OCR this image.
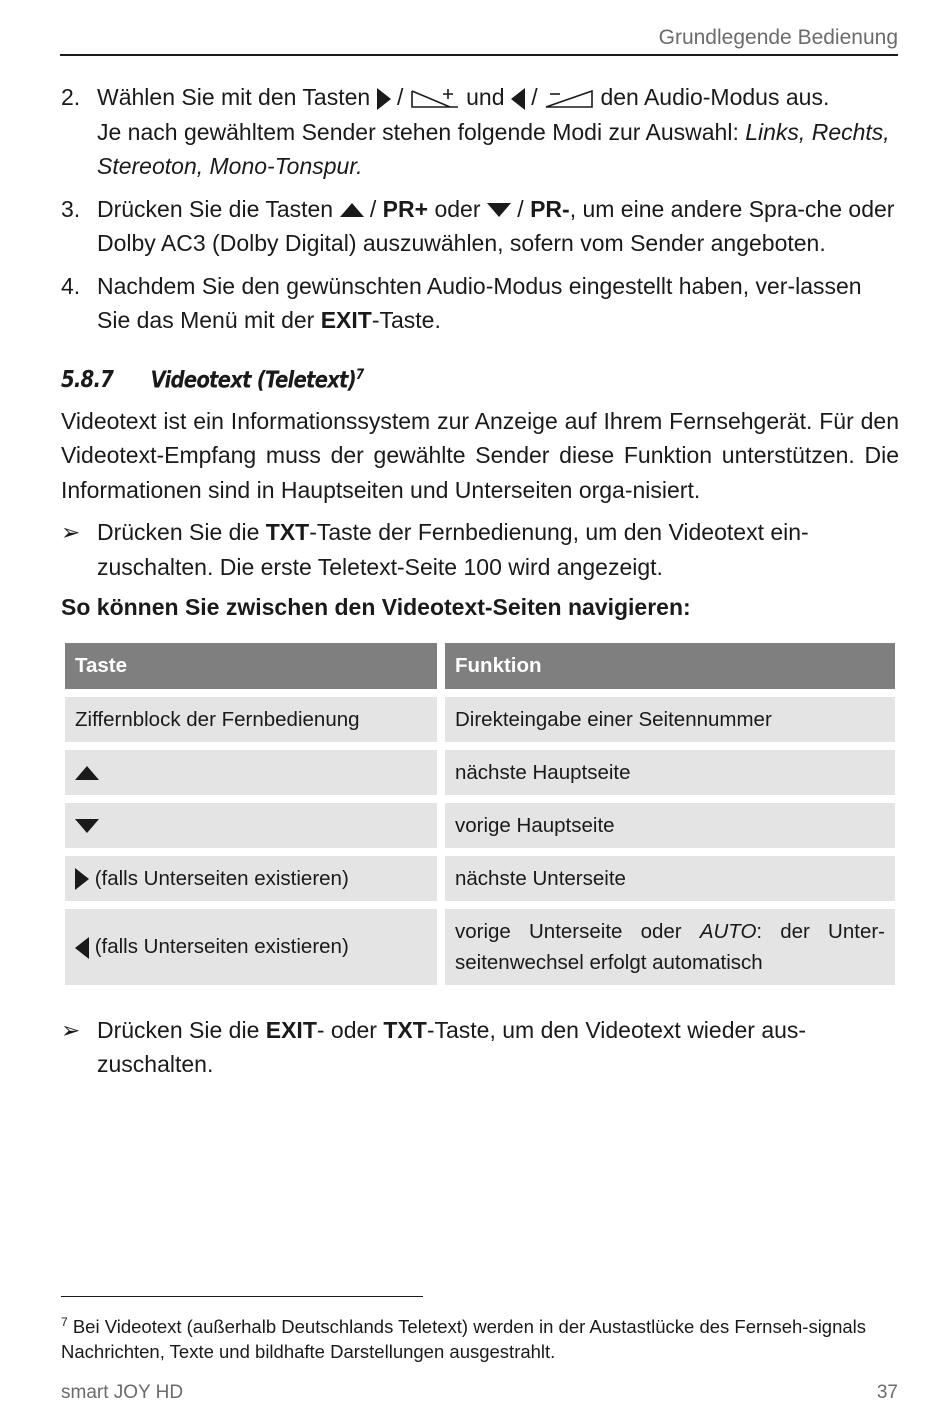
Grundlegende Bedienung
2. Wählen Sie mit den Tasten /	und /	den Audio-Modus aus.
Je nach gewähltem Sender stehen folgende Modi zur Auswahl: Links, Rechts, Stereoton, Mono-Tonspur.
3. Drücken Sie die Tasten / PR+ oder / PR-, um eine andere Spra-che oder Dolby AC3 (Dolby Digital) auszuwählen, sofern vom Sender angeboten.
4. Nachdem Sie den gewünschten Audio-Modus eingestellt haben, ver-lassen Sie das Menü mit der EXIT-Taste.
5.8.7 Videotext (Teletext)$^7$
Videotext ist ein Informationssystem zur Anzeige auf Ihrem Fernsehgerät. Für den Videotext-Empfang muss der gewählte Sender diese Funktion unterstützen. Die Informationen sind in Hauptseiten und Unterseiten orga-nisiert.
➢ Drücken Sie die TXT-Taste der Fernbedienung, um den Videotext ein-zuschalten. Die erste Teletext-Seite 100 wird angezeigt.
So können Sie zwischen den Videotext-Seiten navigieren:
Taste	Funktion
Ziffernblock der Fernbedienung	Direkteingabe einer Seitennummer
	nächste Hauptseite
	vorige Hauptseite
(falls Unterseiten existieren)	nächste Unterseite
(falls Unterseiten existieren)	vorige Unterseite oder AUTO: der Unter-seitenwechsel erfolgt automatisch
➢ Drücken Sie die EXIT- oder TXT-Taste, um den Videotext wieder aus-zuschalten.
$^7$ Bei Videotext (außerhalb Deutschlands Teletext) werden in der Austastlücke des Fernseh-signals Nachrichten, Texte und bildhafte Darstellungen ausgestrahlt.
smart JOY HD	37
